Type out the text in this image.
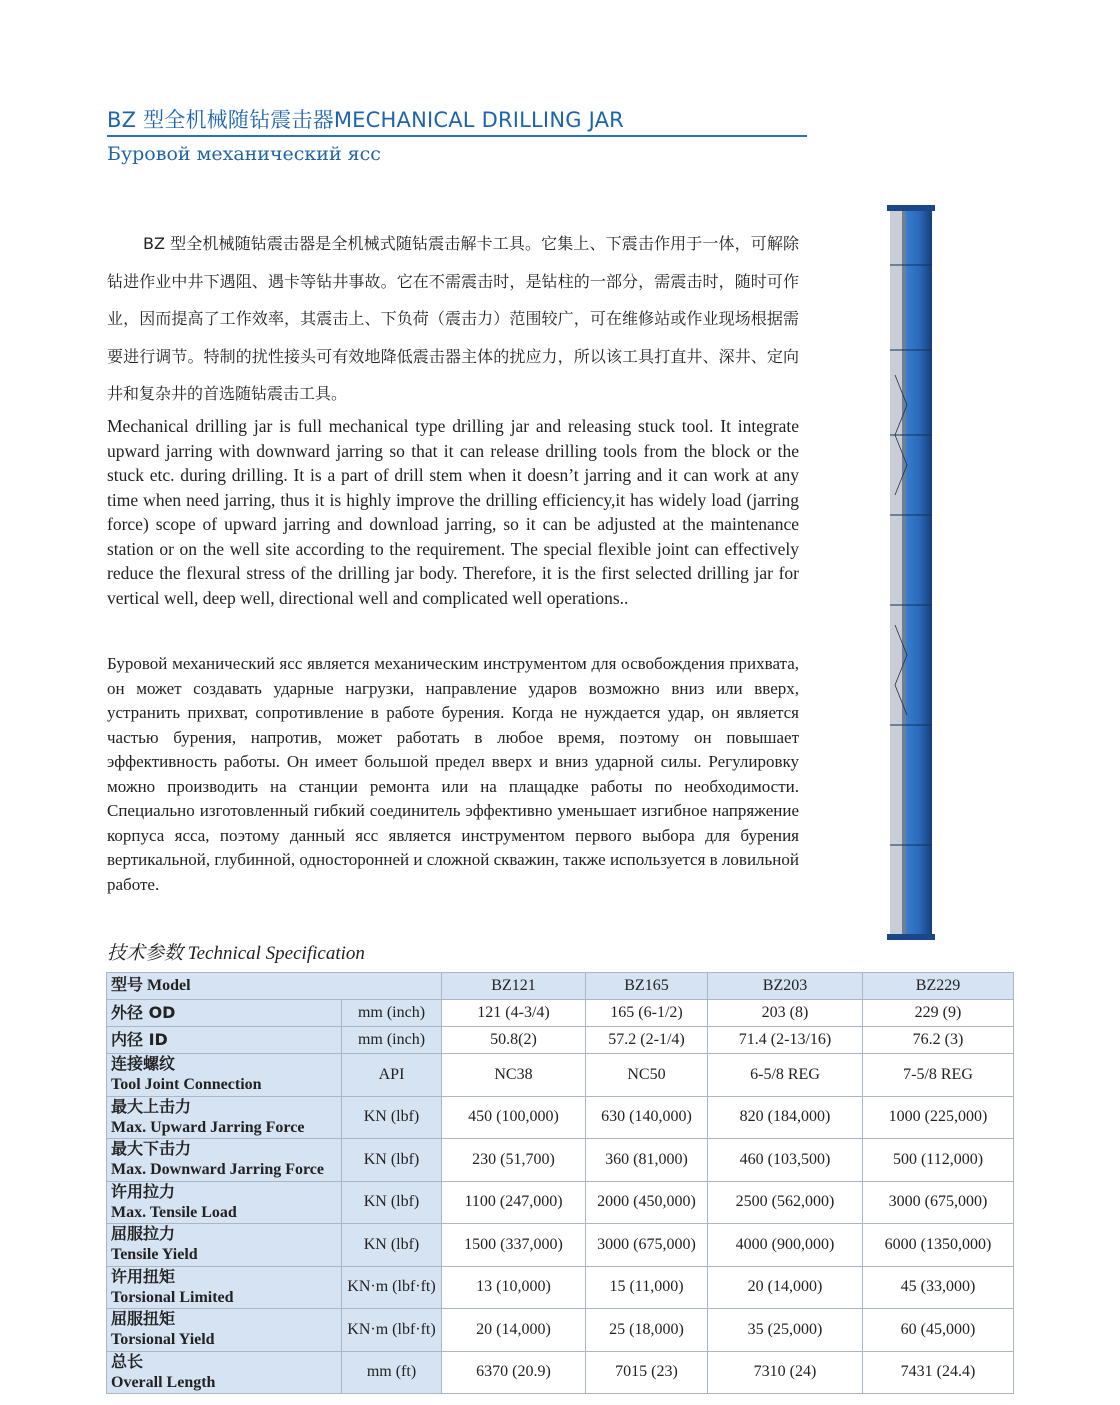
BZ 型全机械随钻震击器MECHANICAL DRILLING JAR
Буровой механический ясс
BZ 型全机械随钻震击器是全机械式随钻震击解卡工具。它集上、下震击作用于一体，可解除钻进作业中井下遇阻、遇卡等钻井事故。它在不需震击时，是钻柱的一部分，需震击时，随时可作业，因而提高了工作效率，其震击上、下负荷（震击力）范围较广，可在维修站或作业现场根据需要进行调节。特制的扰性接头可有效地降低震击器主体的扰应力，所以该工具打直井、深井、定向井和复杂井的首选随钻震击工具。
Mechanical drilling jar is full mechanical type drilling jar and releasing stuck tool. It integrate upward jarring with downward jarring so that it can release drilling tools from the block or the stuck etc. during drilling. It is a part of drill stem when it doesn’t jarring and it can work at any time when need jarring, thus it is highly improve the drilling efficiency,it has widely load (jarring force) scope of upward jarring and download jarring, so it can be adjusted at the maintenance station or on the well site according to the requirement. The special flexible joint can effectively reduce the flexural stress of the drilling jar body. Therefore, it is the first selected drilling jar for vertical well, deep well, directional well and complicated well operations..
Буровой механический ясс является механическим инструментом для освобождения прихвата, он может создавать ударные нагрузки, направление ударов возможно вниз или вверх, устранить прихват, сопротивление в работе бурения. Когда не нуждается удар, он является частью бурения, напротив, может работать в любое время, поэтому он повышает эффективность работы. Он имеет большой предел вверх и вниз ударной силы. Регулировку можно производить на станции ремонта или на плащадке работы по необходимости. Специально изготовленный гибкий соединитель эффективно уменьшает изгибное напряжение корпуса ясса, поэтому данный ясс является инструментом первого выбора для бурения вертикальной, глубинной, односторонней и сложной скважин, также используется в ловильной работе.
技术参数 Technical Specification
型号 Model		BZ121	BZ165	BZ203	BZ229
外径 OD	mm (inch)	121 (4-3/4)	165 (6-1/2)	203 (8)	229 (9)
内径 ID	mm (inch)	50.8(2)	57.2 (2-1/4)	71.4 (2-13/16)	76.2 (3)
连接螺纹
Tool Joint Connection	API	NC38	NC50	6-5/8 REG	7-5/8 REG
最大上击力
Max. Upward Jarring Force	KN (lbf)	450 (100,000)	630 (140,000)	820 (184,000)	1000 (225,000)
最大下击力
Max. Downward Jarring Force	KN (lbf)	230 (51,700)	360 (81,000)	460 (103,500)	500 (112,000)
许用拉力
Max. Tensile Load	KN (lbf)	1100 (247,000)	2000 (450,000)	2500 (562,000)	3000 (675,000)
屈服拉力
Tensile Yield	KN (lbf)	1500 (337,000)	3000 (675,000)	4000 (900,000)	6000 (1350,000)
许用扭矩
Torsional Limited	KN·m (lbf·ft)	13 (10,000)	15 (11,000)	20 (14,000)	45 (33,000)
屈服扭矩
Torsional Yield	KN·m (lbf·ft)	20 (14,000)	25 (18,000)	35 (25,000)	60 (45,000)
总长
Overall Length	mm (ft)	6370 (20.9)	7015 (23)	7310 (24)	7431 (24.4)
